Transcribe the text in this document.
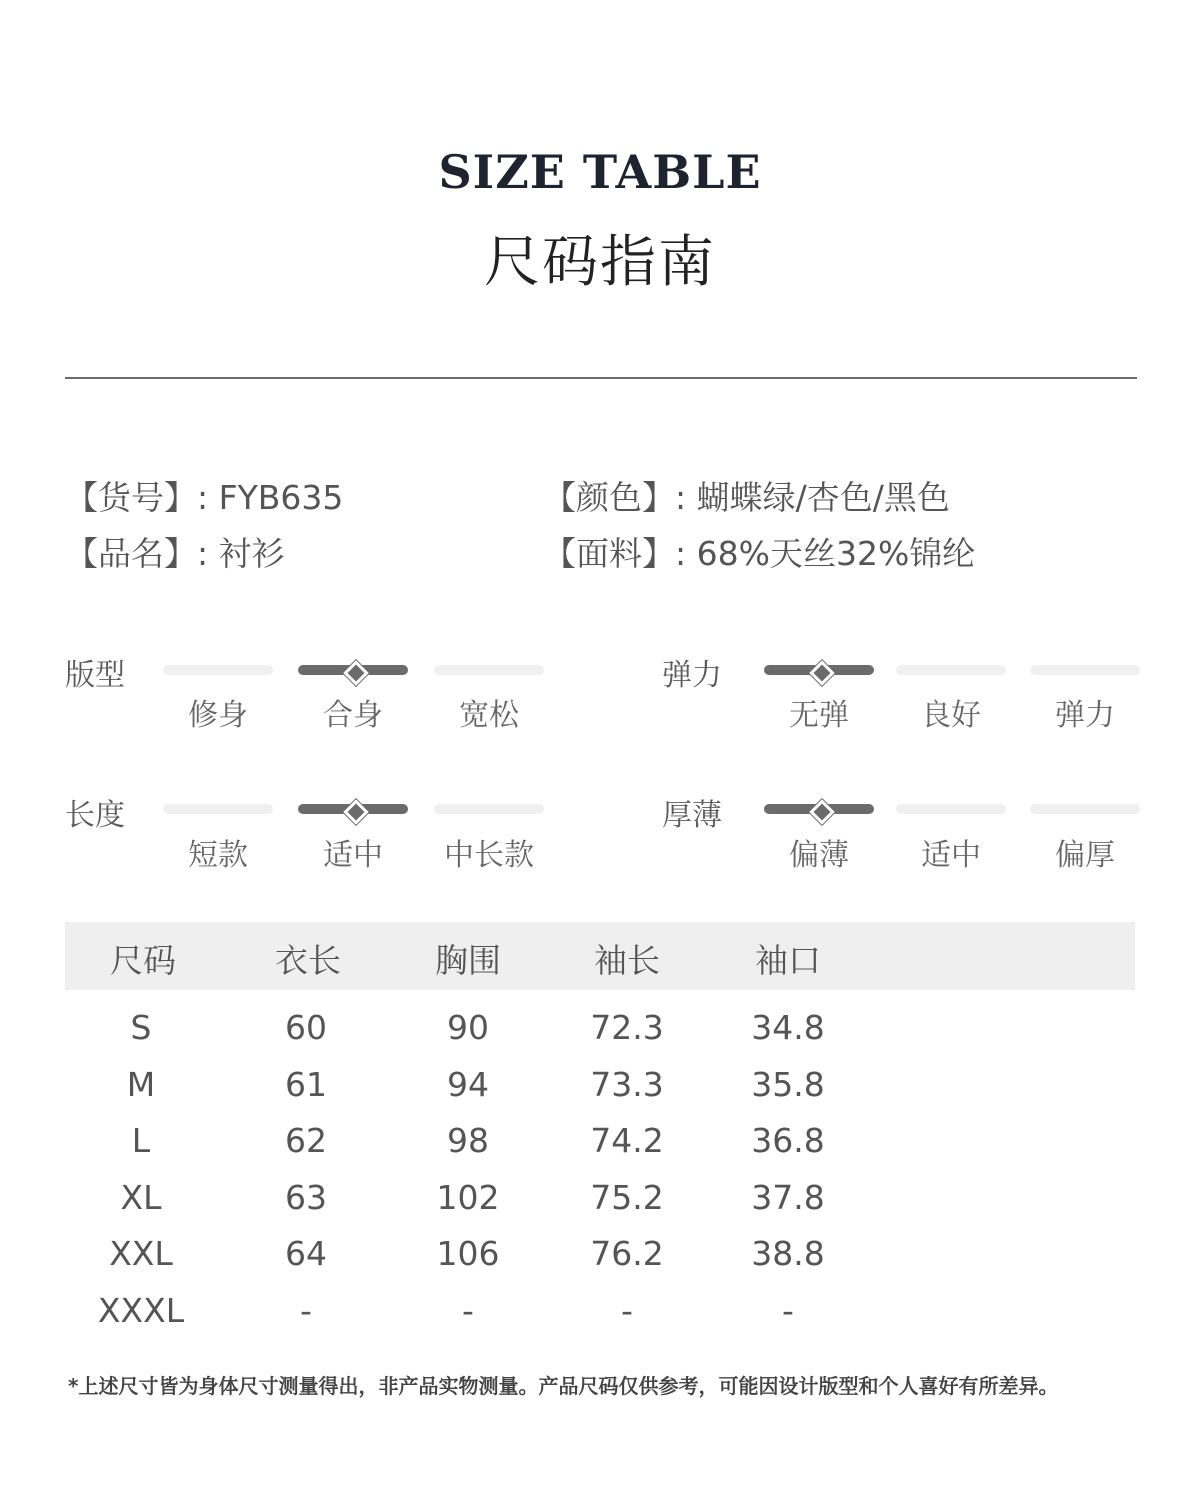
SIZE TABLE
尺码指南
【货号】: FYB635
【品名】: 衬衫
【颜色】: 蝴蝶绿/杏色/黑色
【面料】: 68%天丝32%锦纶
版型
修身	合身	宽松
弹力
无弹	良好	弹力
长度
短款	适中	中长款
厚薄
偏薄	适中	偏厚
尺码	衣长	胸围	袖长	袖口
S	60	90	72.3	34.8
M	61	94	73.3	35.8
L	62	98	74.2	36.8
XL	63	102	75.2	37.8
XXL	64	106	76.2	38.8
XXXL	-	-	-	-
*上述尺寸皆为身体尺寸测量得出，非产品实物测量。产品尺码仅供参考，可能因设计版型和个人喜好有所差异。
